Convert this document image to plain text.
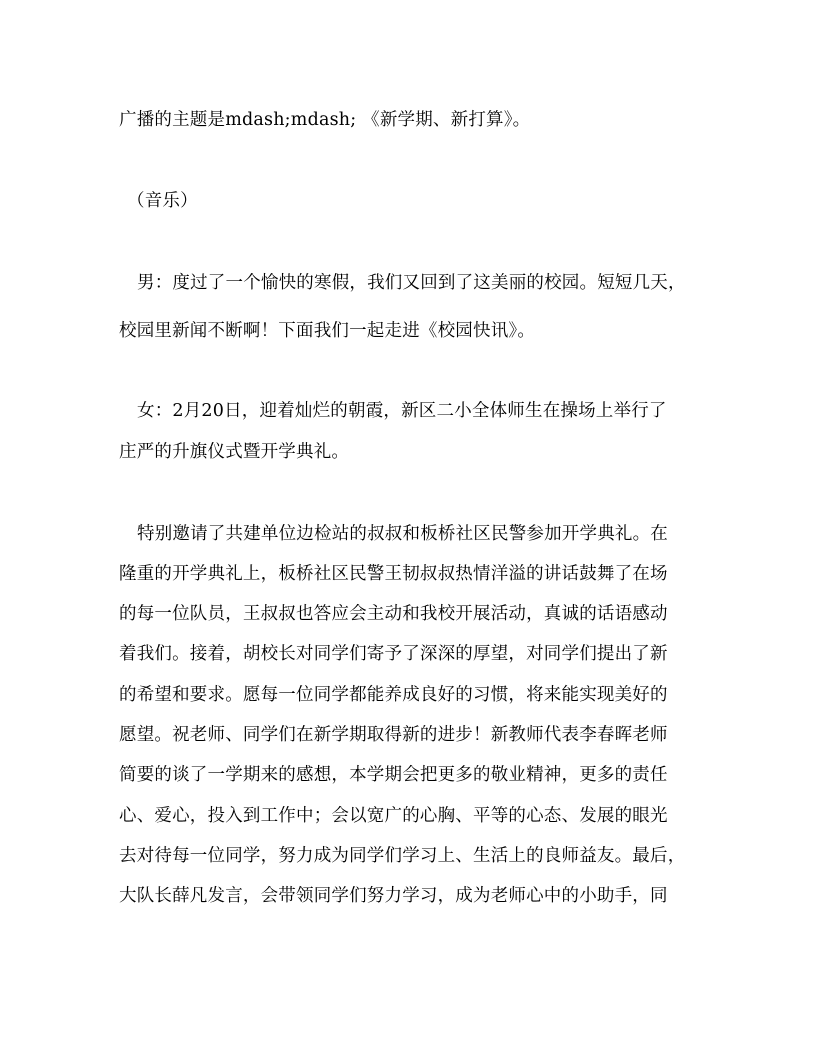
广播的主题是mdash;mdash; 《新学期、新打算》。
（音乐）
男：度过了一个愉快的寒假，我们又回到了这美丽的校园。短短几天，
校园里新闻不断啊！下面我们一起走进《校园快讯》。
女：2月20日，迎着灿烂的朝霞，新区二小全体师生在操场上举行了
庄严的升旗仪式暨开学典礼。
特别邀请了共建单位边检站的叔叔和板桥社区民警参加开学典礼。在
隆重的开学典礼上，板桥社区民警王韧叔叔热情洋溢的讲话鼓舞了在场
的每一位队员，王叔叔也答应会主动和我校开展活动，真诚的话语感动
着我们。接着，胡校长对同学们寄予了深深的厚望，对同学们提出了新
的希望和要求。愿每一位同学都能养成良好的习惯，将来能实现美好的
愿望。祝老师、同学们在新学期取得新的进步！新教师代表李春晖老师
简要的谈了一学期来的感想，本学期会把更多的敬业精神，更多的责任
心、爱心，投入到工作中；会以宽广的心胸、平等的心态、发展的眼光
去对待每一位同学，努力成为同学们学习上、生活上的良师益友。最后，
大队长薛凡发言，会带领同学们努力学习，成为老师心中的小助手，同
